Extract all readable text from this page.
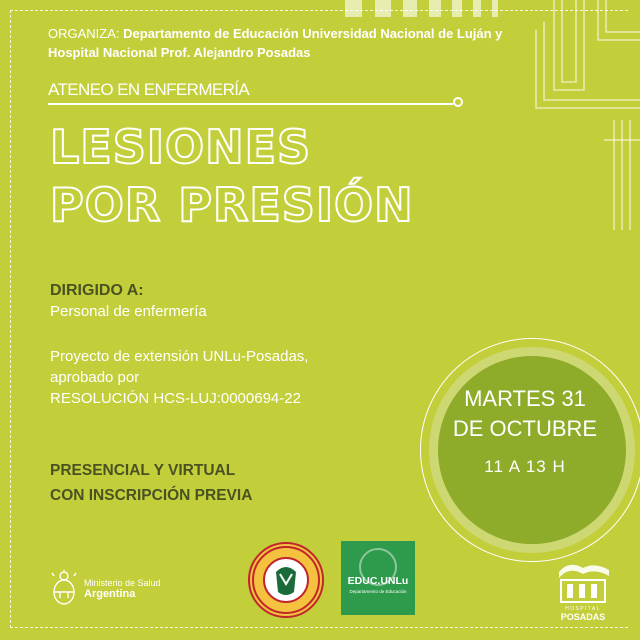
ORGANIZA: Departamento de Educación Universidad Nacional de Luján y Hospital Nacional Prof. Alejandro Posadas
ATENEO EN ENFERMERÍA
LESIONES
POR PRESIÓN
DIRIGIDO A:
Personal de enfermería
Proyecto de extensión UNLu-Posadas,
aprobado por
RESOLUCIÓN HCS-LUJ:0000694-22
PRESENCIAL Y VIRTUAL
CON INSCRIPCIÓN PREVIA
MARTES 31
DE OCTUBRE
11 A 13 H
Ministerio de Salud
Argentina
EDUC.UNLu
Departamento de Educación
HOSPITAL
POSADAS
